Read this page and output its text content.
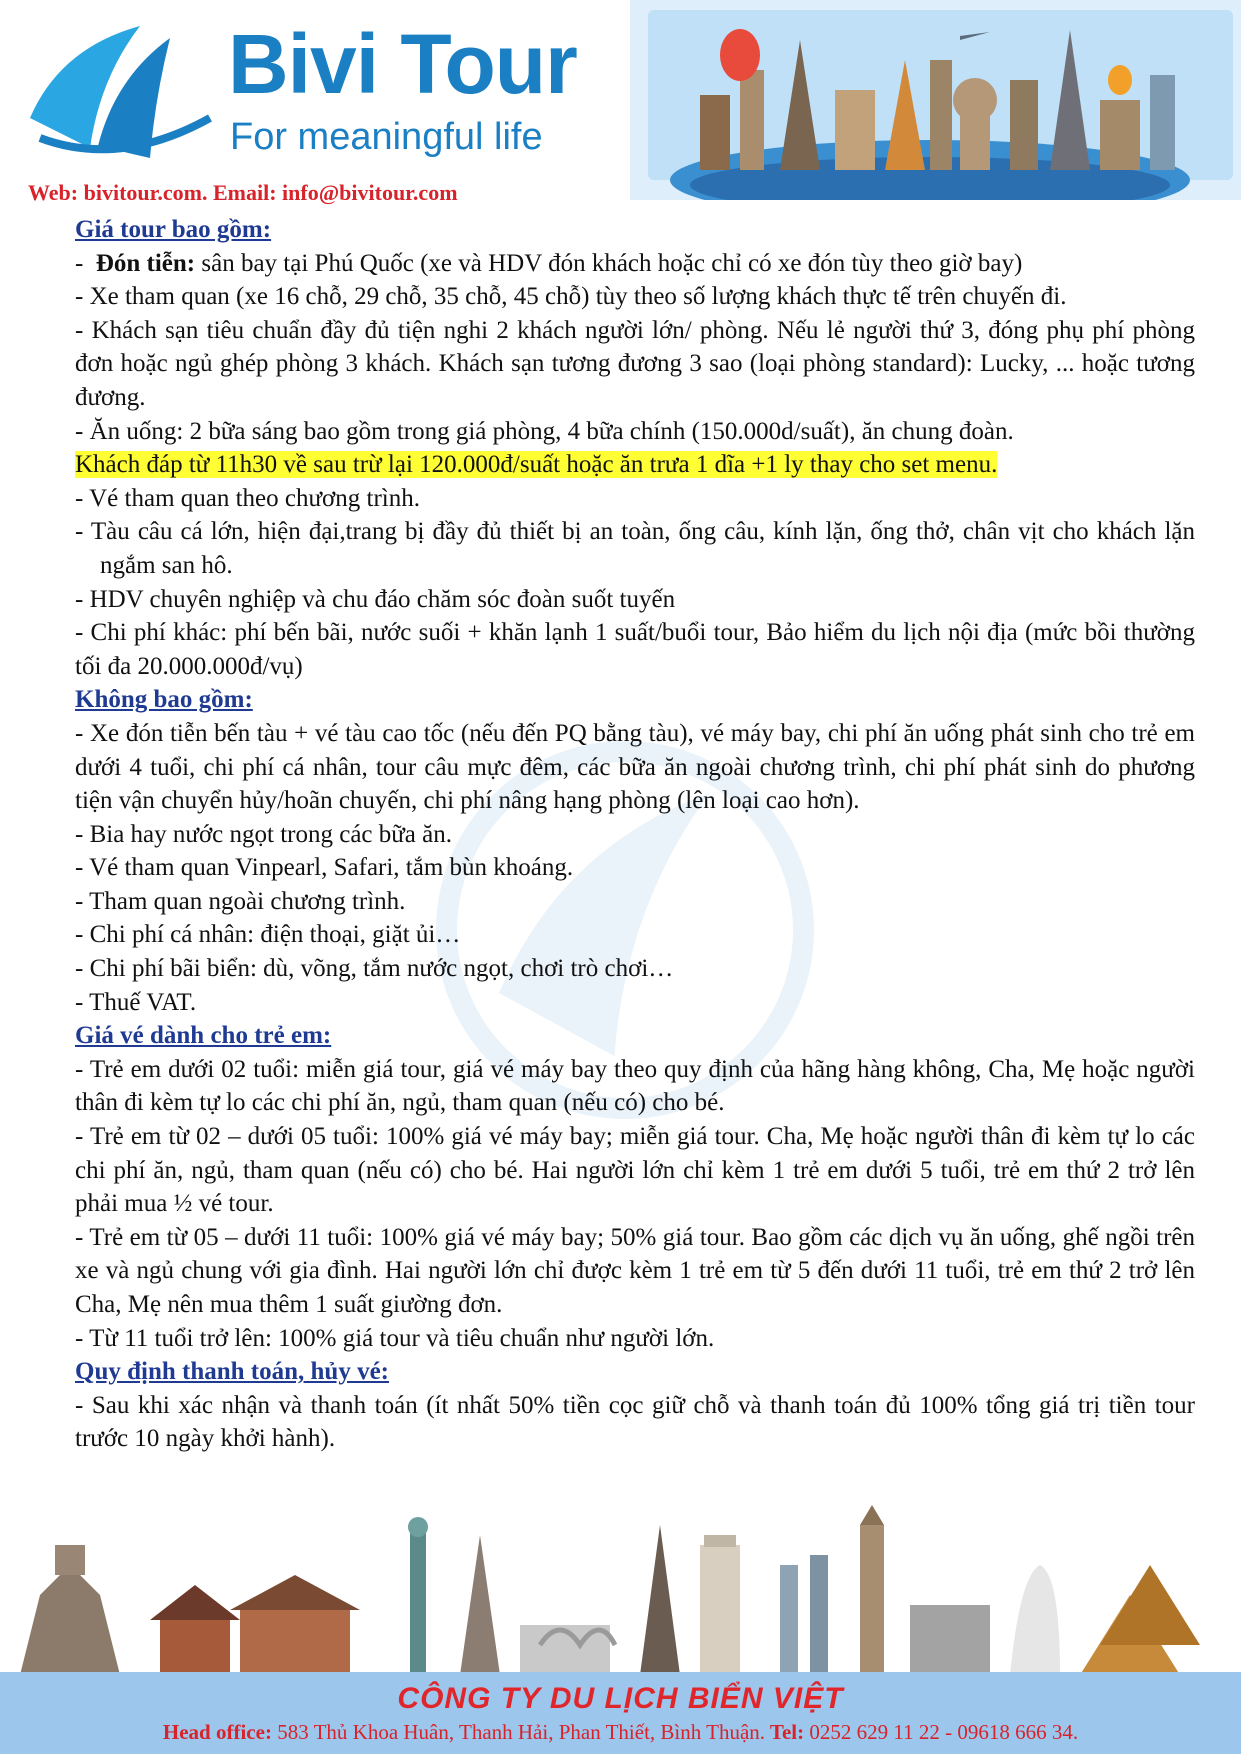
Bivi Tour
For meaningful life
Web: bivitour.com. Email: info@bivitour.com

Giá tour bao gồm:

-  Đón tiễn: sân bay tại Phú Quốc (xe và HDV đón khách hoặc chỉ có xe đón tùy theo giờ bay)

- Xe tham quan (xe 16 chỗ, 29 chỗ, 35 chỗ, 45 chỗ) tùy theo số lượng khách thực tế trên chuyến đi.

- Khách sạn tiêu chuẩn đầy đủ tiện nghi 2 khách người lớn/ phòng. Nếu lẻ người thứ 3, đóng phụ phí phòng đơn hoặc ngủ ghép phòng 3 khách. Khách sạn tương đương 3 sao (loại phòng standard): Lucky, ... hoặc tương đương.

- Ăn uống: 2 bữa sáng bao gồm trong giá phòng, 4 bữa chính (150.000d/suất), ăn chung đoàn.

Khách đáp từ 11h30 về sau trừ lại 120.000đ/suất hoặc ăn trưa 1 dĩa +1 ly thay cho set menu.

- Vé tham quan theo chương trình.

- Tàu câu cá lớn, hiện đại,trang bị đầy đủ thiết bị an toàn, ống câu, kính lặn, ống thở, chân vịt cho khách lặn ngắm san hô.

- HDV chuyên nghiệp và chu đáo chăm sóc đoàn suốt tuyến

- Chi phí khác: phí bến bãi, nước suối + khăn lạnh 1 suất/buổi tour, Bảo hiểm du lịch nội địa (mức bồi thường tối đa 20.000.000đ/vụ)

Không bao gồm:

- Xe đón tiễn bến tàu + vé tàu cao tốc (nếu đến PQ bằng tàu), vé máy bay, chi phí ăn uống phát sinh cho trẻ em dưới 4 tuổi, chi phí cá nhân, tour câu mực đêm, các bữa ăn ngoài chương trình, chi phí phát sinh do phương tiện vận chuyển hủy/hoãn chuyến, chi phí nâng hạng phòng (lên loại cao hơn).

- Bia hay nước ngọt trong các bữa ăn.

- Vé tham quan Vinpearl, Safari, tắm bùn khoáng.

- Tham quan ngoài chương trình.

- Chi phí cá nhân: điện thoại, giặt ủi…

- Chi phí bãi biển: dù, võng, tắm nước ngọt, chơi trò chơi…

- Thuế VAT.

Giá vé dành cho trẻ em:

- Trẻ em dưới 02 tuổi: miễn giá tour, giá vé máy bay theo quy định của hãng hàng không, Cha, Mẹ hoặc người thân đi kèm tự lo các chi phí ăn, ngủ, tham quan (nếu có) cho bé.

- Trẻ em từ 02 – dưới 05 tuổi: 100% giá vé máy bay; miễn giá tour. Cha, Mẹ hoặc người thân đi kèm tự lo các chi phí ăn, ngủ, tham quan (nếu có) cho bé. Hai người lớn chỉ kèm 1 trẻ em dưới 5 tuổi, trẻ em thứ 2 trở lên phải mua ½ vé tour.

- Trẻ em từ 05 – dưới 11 tuổi: 100% giá vé máy bay; 50% giá tour. Bao gồm các dịch vụ ăn uống, ghế ngồi trên xe và ngủ chung với gia đình. Hai người lớn chỉ được kèm 1 trẻ em từ 5 đến dưới 11 tuổi, trẻ em thứ 2 trở lên Cha, Mẹ nên mua thêm 1 suất giường đơn.

- Từ 11 tuổi trở lên: 100% giá tour và tiêu chuẩn như người lớn.

Quy định thanh toán, hủy vé:

- Sau khi xác nhận và thanh toán (ít nhất 50% tiền cọc giữ chỗ và thanh toán đủ 100% tổng giá trị tiền tour trước 10 ngày khởi hành).

CÔNG TY DU LỊCH BIỂN VIỆT
Head office: 583 Thủ Khoa Huân, Thanh Hải, Phan Thiết, Bình Thuận. Tel: 0252 629 11 22 - 09618 666 34.
